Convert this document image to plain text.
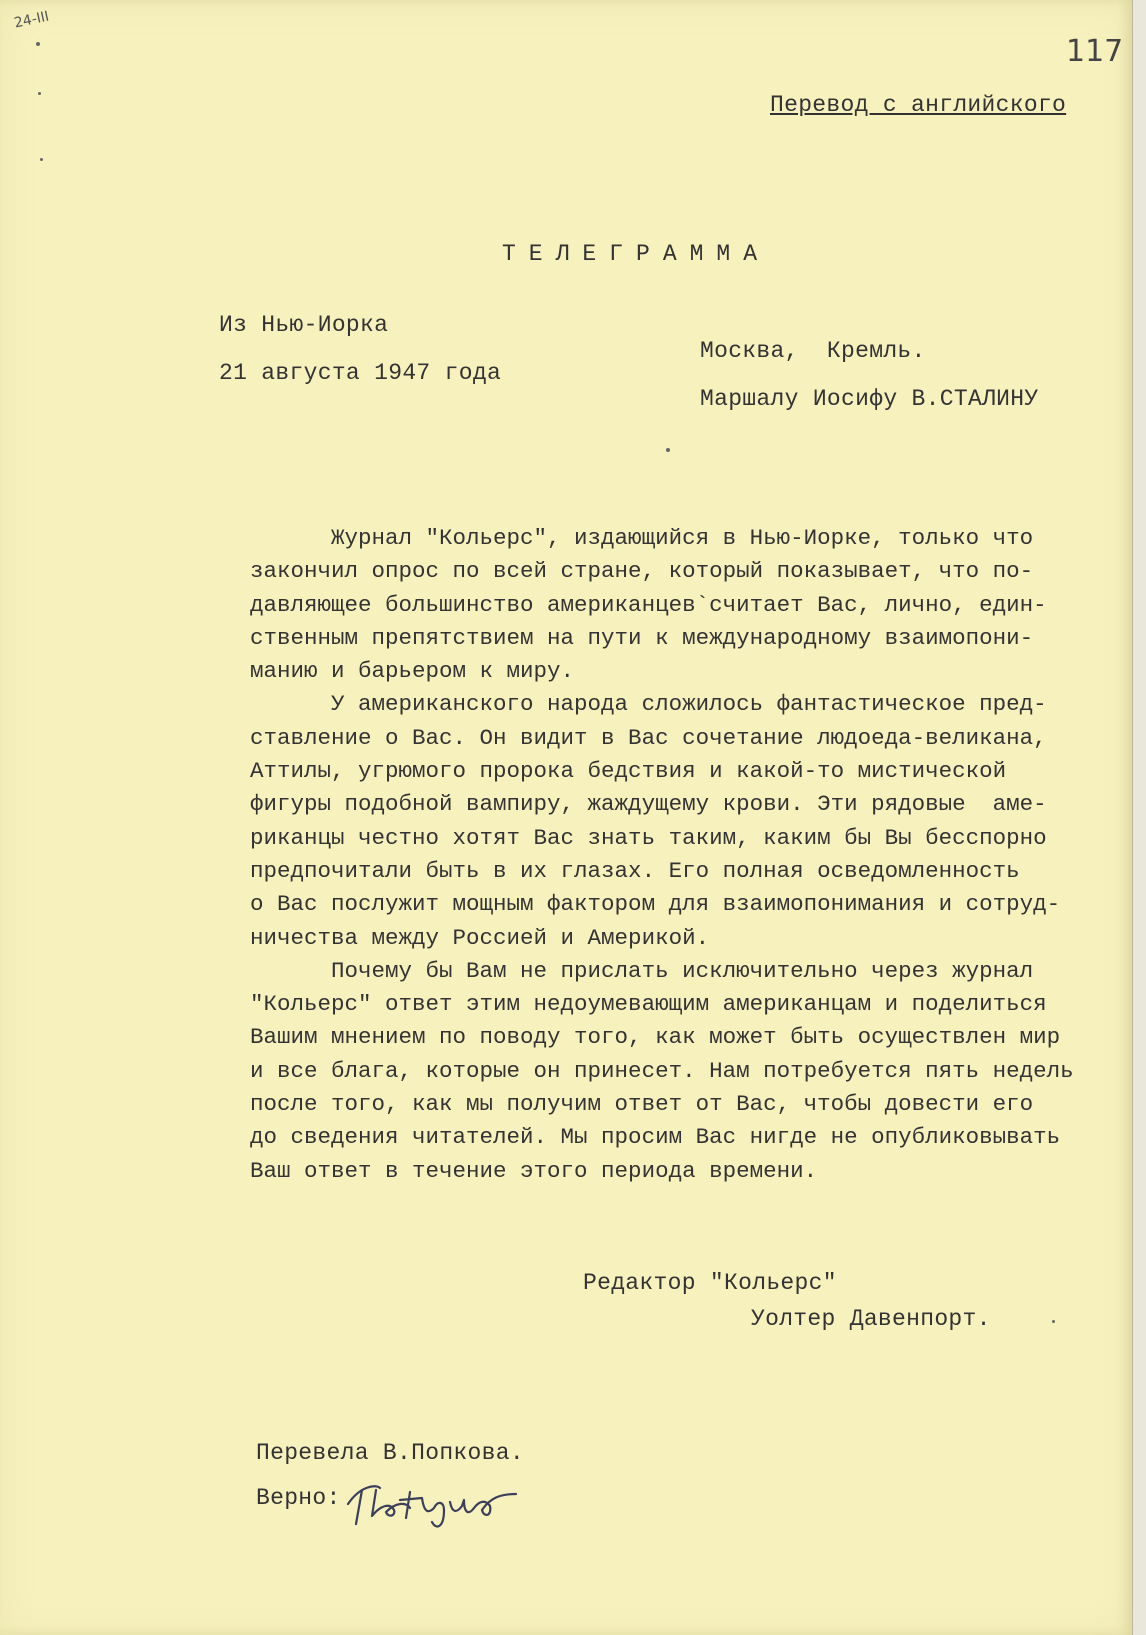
24-III
117
Перевод с английского
ТЕЛЕГРАММА
Из Нью-Иорка
21 августа 1947 года
Москва,  Кремль.
Маршалу Иосифу В.СТАЛИНУ
Журнал "Кольерс", издающийся в Нью-Иорке, только что
закончил опрос по всей стране, который показывает, что по-
давляющее большинство американцев`считает Вас, лично, един-
ственным препятствием на пути к международному взаимопони-
манию и барьером к миру.
У американского народа сложилось фантастическое пред-
ставление о Вас. Он видит в Вас сочетание людоеда-великана,
Аттилы, угрюмого пророка бедствия и какой-то мистической
фигуры подобной вампиру, жаждущему крови. Эти рядовые  аме-
риканцы честно хотят Вас знать таким, каким бы Вы бесспорно
предпочитали быть в их глазах. Его полная осведомленность
о Вас послужит мощным фактором для взаимопонимания и сотруд-
ничества между Россией и Америкой.
Почему бы Вам не прислать исключительно через журнал
"Кольерс" ответ этим недоумевающим американцам и поделиться
Вашим мнением по поводу того, как может быть осуществлен мир
и все блага, которые он принесет. Нам потребуется пять недель
после того, как мы получим ответ от Вас, чтобы довести его
до сведения читателей. Мы просим Вас нигде не опубликовывать
Ваш ответ в течение этого периода времени.
Редактор "Кольерс"
Уолтер Давенпорт.
Перевела В.Попкова.
Верно:
